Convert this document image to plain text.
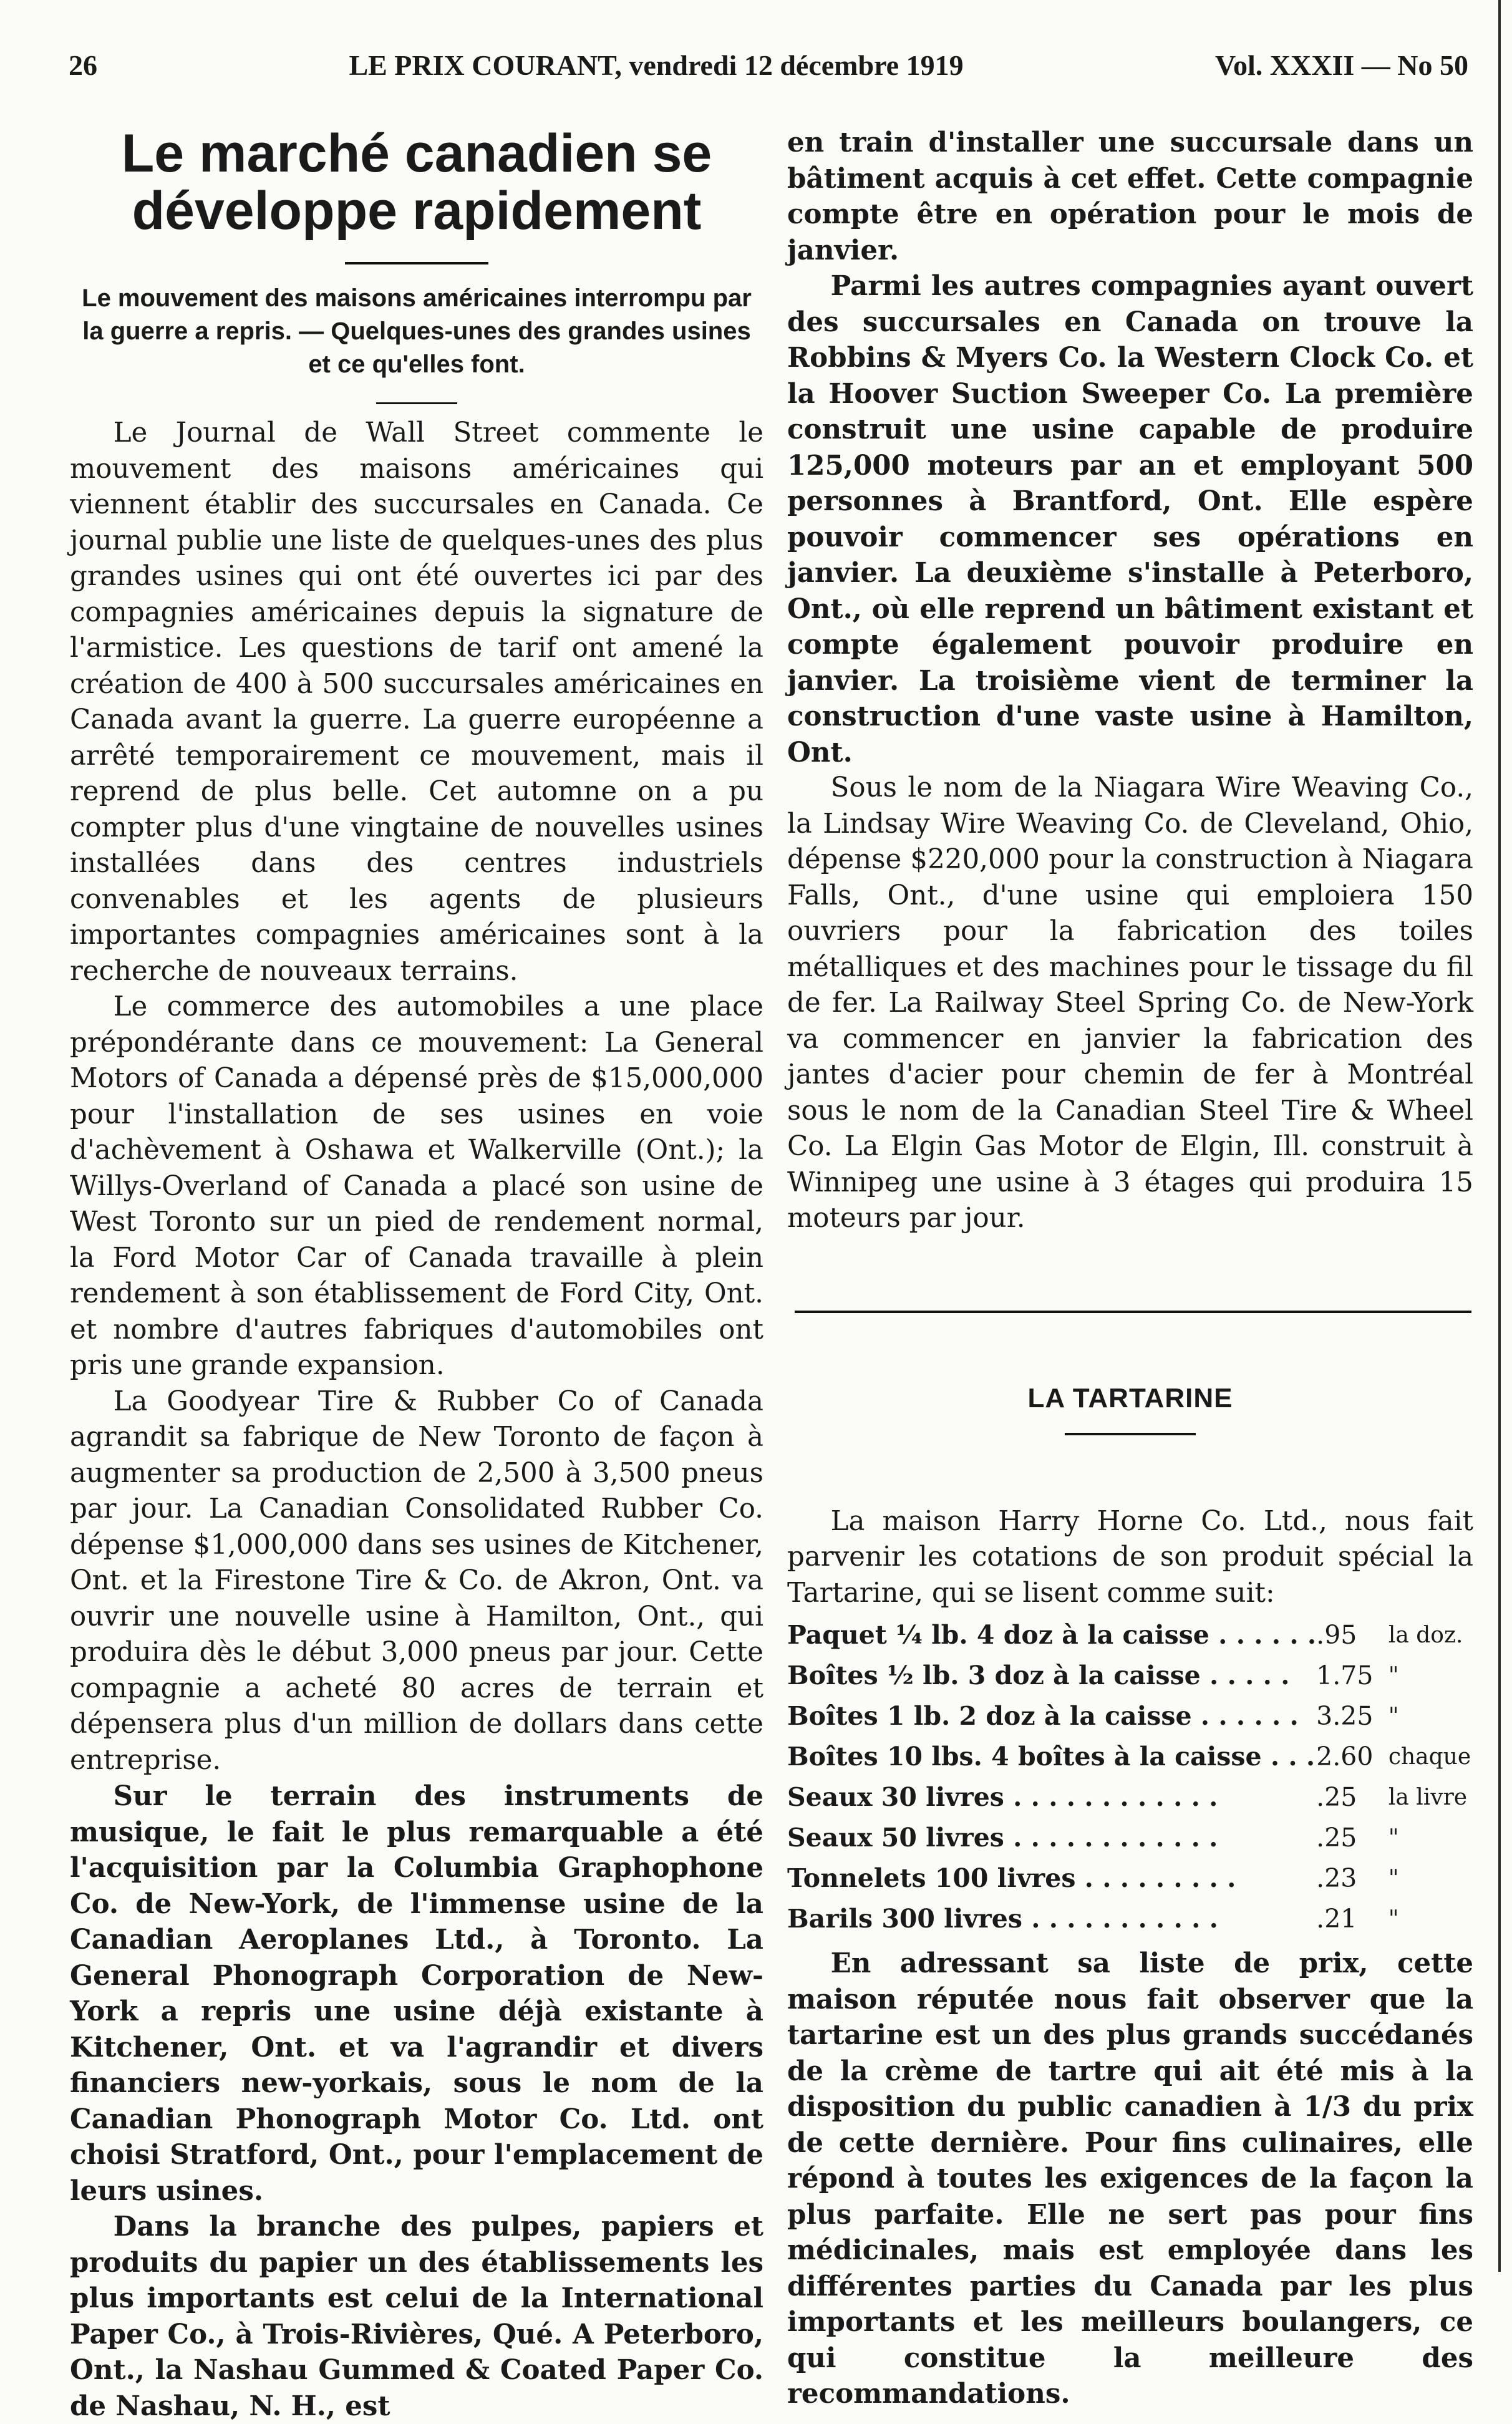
26	LE PRIX COURANT, vendredi 12 décembre 1919	Vol. XXXII — No 50
Le marché canadien se développe rapidement
Le mouvement des maisons américaines interrompu par la guerre a repris. — Quelques-unes des grandes usines et ce qu'elles font.

Le Journal de Wall Street commente le mouvement des maisons américaines qui viennent établir des succursales en Canada. Ce journal publie une liste de quelques-unes des plus grandes usines qui ont été ouvertes ici par des compagnies américaines depuis la signature de l'armistice. Les questions de tarif ont amené la création de 400 à 500 succursales américaines en Canada avant la guerre. La guerre européenne a arrêté temporairement ce mouvement, mais il reprend de plus belle. Cet automne on a pu compter plus d'une vingtaine de nouvelles usines installées dans des centres industriels convenables et les agents de plusieurs importantes compagnies américaines sont à la recherche de nouveaux terrains.

Le commerce des automobiles a une place prépondérante dans ce mouvement: La General Motors of Canada a dépensé près de $15,000,000 pour l'installation de ses usines en voie d'achèvement à Oshawa et Walkerville (Ont.); la Willys-Overland of Canada a placé son usine de West Toronto sur un pied de rendement normal, la Ford Motor Car of Canada travaille à plein rendement à son établissement de Ford City, Ont. et nombre d'autres fabriques d'automobiles ont pris une grande expansion.

La Goodyear Tire & Rubber Co of Canada agrandit sa fabrique de New Toronto de façon à augmenter sa production de 2,500 à 3,500 pneus par jour. La Canadian Consolidated Rubber Co. dépense $1,000,000 dans ses usines de Kitchener, Ont. et la Firestone Tire & Co. de Akron, Ont. va ouvrir une nouvelle usine à Hamilton, Ont., qui produira dès le début 3,000 pneus par jour. Cette compagnie a acheté 80 acres de terrain et dépensera plus d'un million de dollars dans cette entreprise.

Sur le terrain des instruments de musique, le fait le plus remarquable a été l'acquisition par la Columbia Graphophone Co. de New-York, de l'immense usine de la Canadian Aeroplanes Ltd., à Toronto. La General Phonograph Corporation de New-York a repris une usine déjà existante à Kitchener, Ont. et va l'agrandir et divers financiers new-yorkais, sous le nom de la Canadian Phonograph Motor Co. Ltd. ont choisi Stratford, Ont., pour l'emplacement de leurs usines.

Dans la branche des pulpes, papiers et produits du papier un des établissements les plus importants est celui de la International Paper Co., à Trois-Rivières, Qué. A Peterboro, Ont., la Nashau Gummed & Coated Paper Co. de Nashau, N. H., est

en train d'installer une succursale dans un bâtiment acquis à cet effet. Cette compagnie compte être en opération pour le mois de janvier.

Parmi les autres compagnies ayant ouvert des succursales en Canada on trouve la Robbins & Myers Co. la Western Clock Co. et la Hoover Suction Sweeper Co. La première construit une usine capable de produire 125,000 moteurs par an et employant 500 personnes à Brantford, Ont. Elle espère pouvoir commencer ses opérations en janvier. La deuxième s'installe à Peterboro, Ont., où elle reprend un bâtiment existant et compte également pouvoir produire en janvier. La troisième vient de terminer la construction d'une vaste usine à Hamilton, Ont.

Sous le nom de la Niagara Wire Weaving Co., la Lindsay Wire Weaving Co. de Cleveland, Ohio, dépense $220,000 pour la construction à Niagara Falls, Ont., d'une usine qui emploiera 150 ouvriers pour la fabrication des toiles métalliques et des machines pour le tissage du fil de fer. La Railway Steel Spring Co. de New-York va commencer en janvier la fabrication des jantes d'acier pour chemin de fer à Montréal sous le nom de la Canadian Steel Tire & Wheel Co. La Elgin Gas Motor de Elgin, Ill. construit à Winnipeg une usine à 3 étages qui produira 15 moteurs par jour.

LA TARTARINE

La maison Harry Horne Co. Ltd., nous fait parvenir les cotations de son produit spécial la Tartarine, qui se lisent comme suit:

Paquet ¼ lb. 4 doz à la caisse . . . . . .	.95	la doz.
Boîtes ½ lb. 3 doz à la caisse . . . . .	1.75	"
Boîtes 1 lb. 2 doz à la caisse . . . . . .	3.25	"
Boîtes 10 lbs. 4 boîtes à la caisse . . .	2.60	chaque
Seaux 30 livres . . . . . . . . . . . .	.25	la livre
Seaux 50 livres . . . . . . . . . . . .	.25	"
Tonnelets 100 livres . . . . . . . . .	.23	"
Barils 300 livres . . . . . . . . . . .	.21	"

En adressant sa liste de prix, cette maison réputée nous fait observer que la tartarine est un des plus grands succédanés de la crème de tartre qui ait été mis à la disposition du public canadien à 1/3 du prix de cette dernière. Pour fins culinaires, elle répond à toutes les exigences de la façon la plus parfaite. Elle ne sert pas pour fins médicinales, mais est employée dans les différentes parties du Canada par les plus importants et les meilleurs boulangers, ce qui constitue la meilleure des recommandations.
